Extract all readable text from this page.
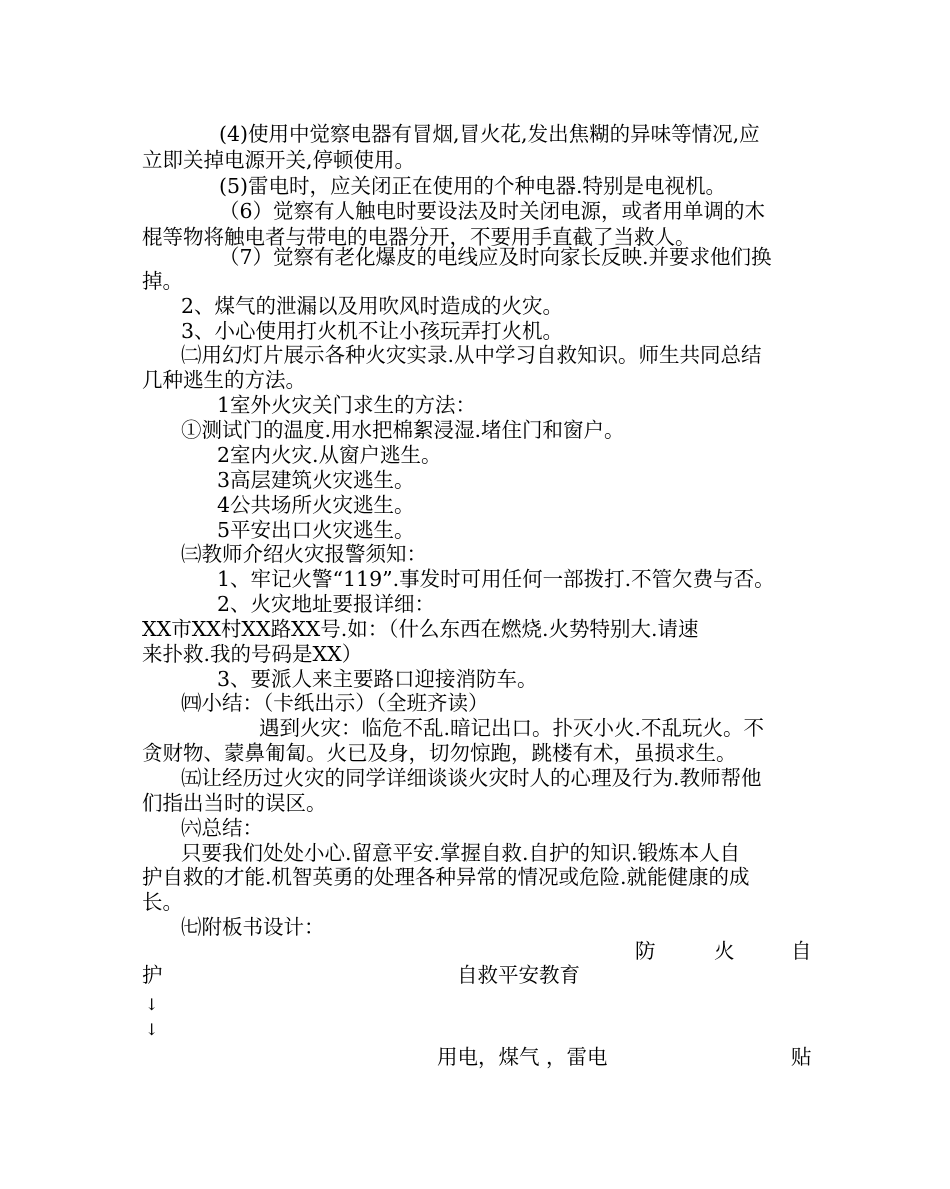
(4)使用中觉察电器有冒烟,冒火花,发出焦糊的异味等情况,应
立即关掉电源开关,停顿使用。
(5)雷电时，应关闭正在使用的个种电器.特别是电视机。
（6）觉察有人触电时要设法及时关闭电源，或者用单调的木
棍等物将触电者与带电的电器分开，不要用手直截了当救人。
（7）觉察有老化爆皮的电线应及时向家长反映.并要求他们换
掉。
2、煤气的泄漏以及用吹风时造成的火灾。
3、小心使用打火机不让小孩玩弄打火机。
㈡用幻灯片展示各种火灾实录.从中学习自救知识。师生共同总结
几种逃生的方法。
1室外火灾关门求生的方法：
①测试门的温度.用水把棉絮浸湿.堵住门和窗户。
2室内火灾.从窗户逃生。
3高层建筑火灾逃生。
4公共场所火灾逃生。
5平安出口火灾逃生。
㈢教师介绍火灾报警须知：
1、牢记火警“119”.事发时可用任何一部拨打.不管欠费与否。
2、火灾地址要报详细：
XX市XX村XX路XX号.如：（什么东西在燃烧.火势特别大.请速
来扑救.我的号码是XX）
3、要派人来主要路口迎接消防车。
㈣小结：（卡纸出示）（全班齐读）
遇到火灾：临危不乱.暗记出口。扑灭小火.不乱玩火。不
贪财物、蒙鼻匍匐。火已及身，切勿惊跑，跳楼有术，虽损求生。
㈤让经历过火灾的同学详细谈谈火灾时人的心理及行为.教师帮他
们指出当时的误区。
㈥总结：
只要我们处处小心.留意平安.掌握自救.自护的知识.锻炼本人自
护自救的才能.机智英勇的处理各种异常的情况或危险.就能健康的成
长。
㈦附板书设计：
防	火	自
护	自救平安教育
↓
↓
用电，煤气 ，雷电	贴
